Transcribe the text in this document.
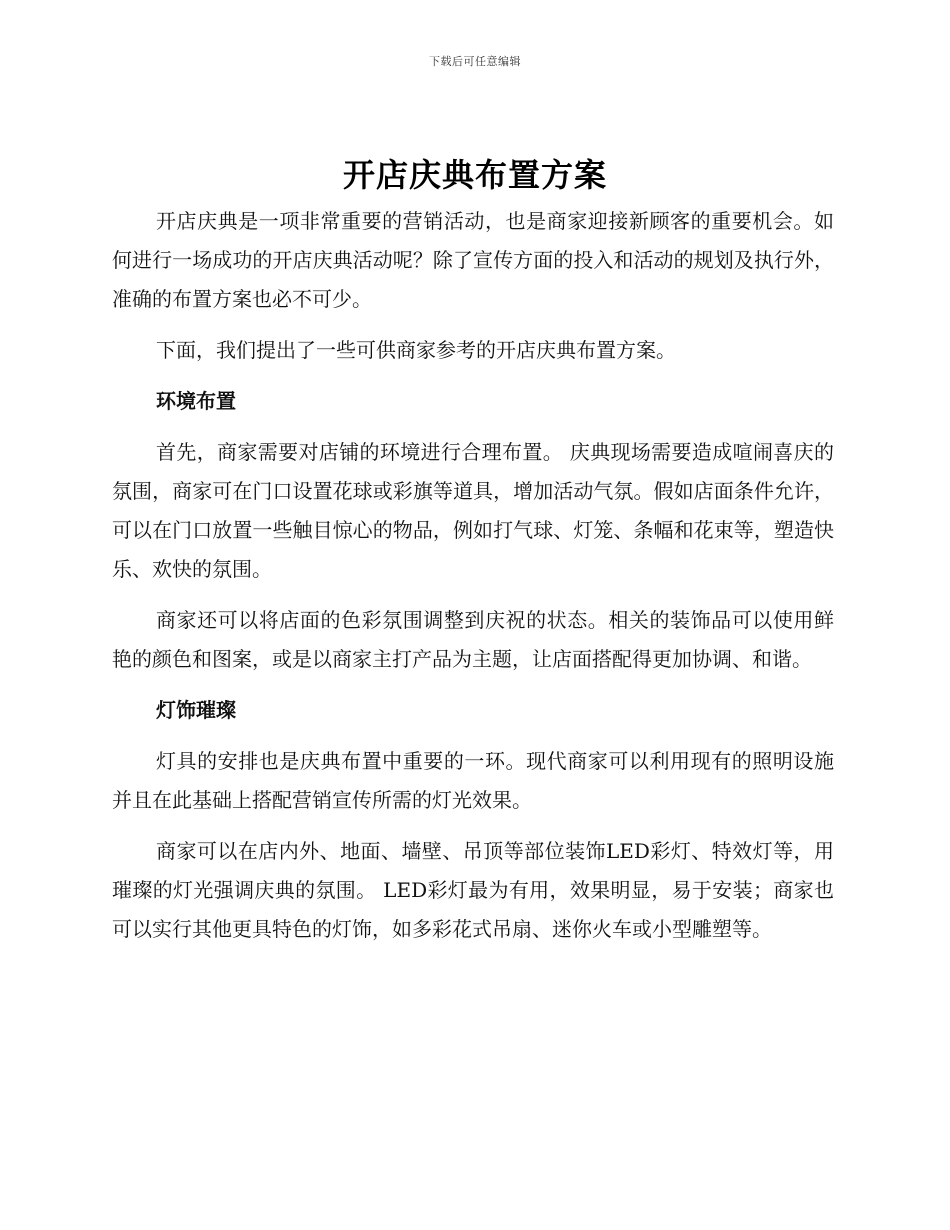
下载后可任意编辑
开店庆典布置方案

开店庆典是一项非常重要的营销活动，也是商家迎接新顾客的重要机会。如何进行一场成功的开店庆典活动呢？除了宣传方面的投入和活动的规划及执行外，准确的布置方案也必不可少。

下面，我们提出了一些可供商家参考的开店庆典布置方案。

环境布置

首先，商家需要对店铺的环境进行合理布置。 庆典现场需要造成喧闹喜庆的氛围，商家可在门口设置花球或彩旗等道具，增加活动气氛。假如店面条件允许，可以在门口放置一些触目惊心的物品，例如打气球、灯笼、条幅和花束等，塑造快乐、欢快的氛围。

商家还可以将店面的色彩氛围调整到庆祝的状态。相关的装饰品可以使用鲜艳的颜色和图案，或是以商家主打产品为主题，让店面搭配得更加协调、和谐。

灯饰璀璨

灯具的安排也是庆典布置中重要的一环。现代商家可以利用现有的照明设施并且在此基础上搭配营销宣传所需的灯光效果。

商家可以在店内外、地面、墙壁、吊顶等部位装饰LED彩灯、特效灯等，用璀璨的灯光强调庆典的氛围。 LED彩灯最为有用，效果明显，易于安装；商家也可以实行其他更具特色的灯饰，如多彩花式吊扇、迷你火车或小型雕塑等。
